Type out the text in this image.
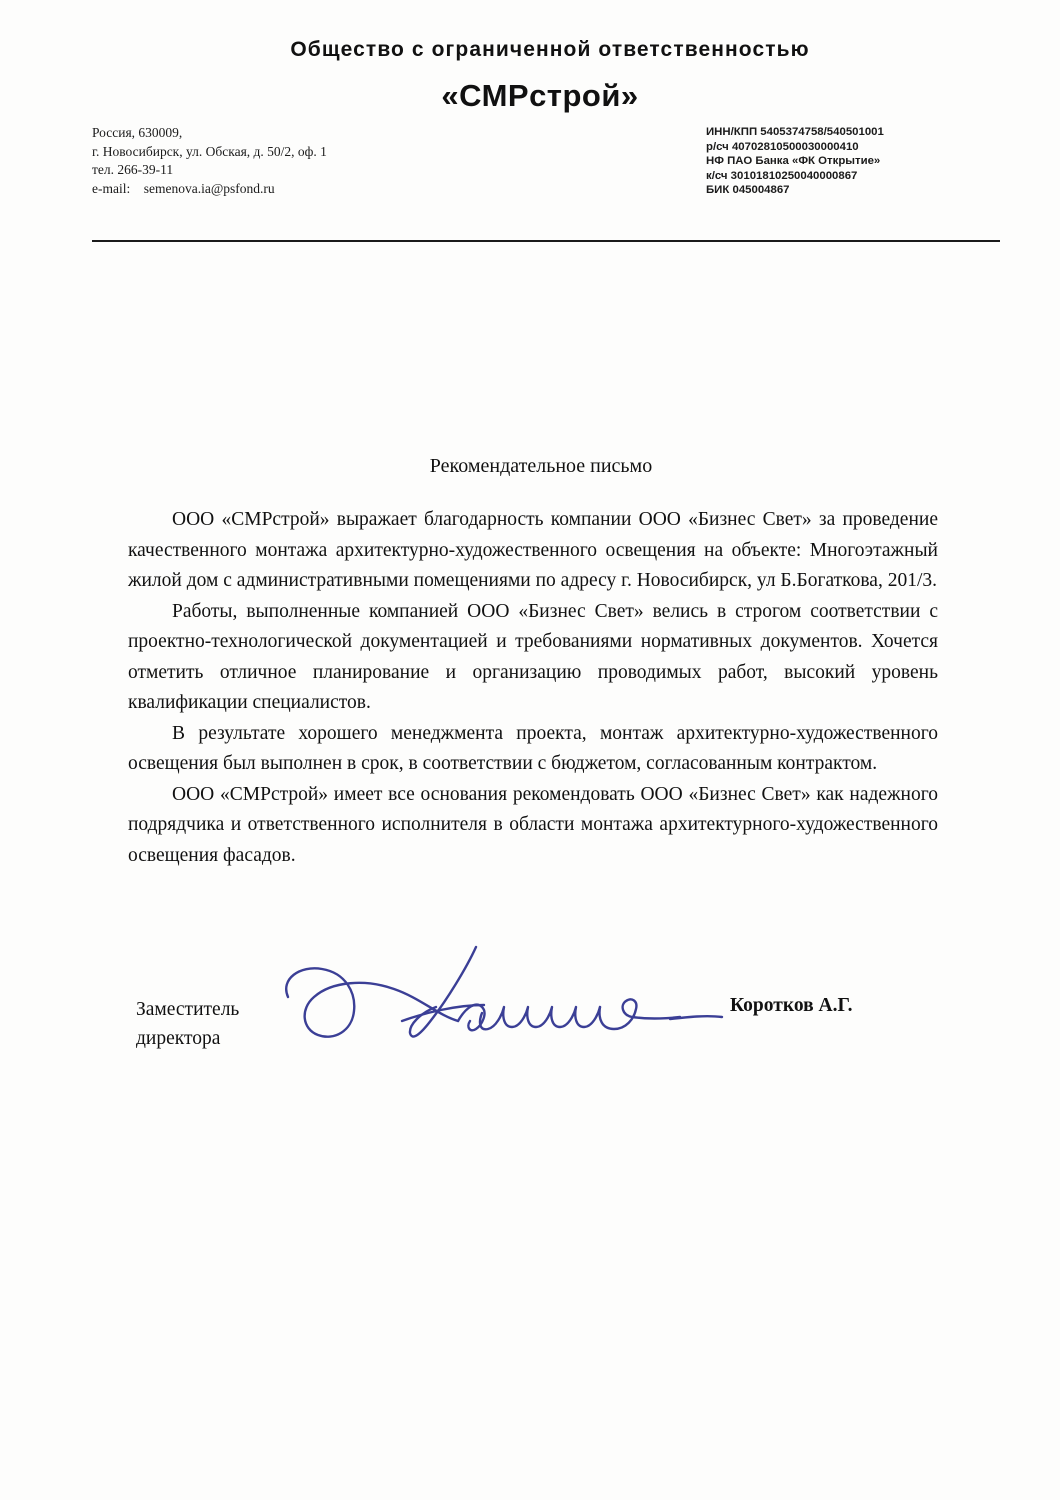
Общество с ограниченной ответственностью
«СМРстрой»
Россия, 630009,
г. Новосибирск, ул. Обская, д. 50/2, оф. 1
тел. 266-39-11
e-mail:    semenova.ia@psfond.ru
ИНН/КПП 5405374758/540501001
р/сч 40702810500030000410
НФ ПАО Банка «ФК Открытие»
к/сч 30101810250040000867
БИК 045004867
Рекомендательное письмо

ООО «СМРстрой» выражает благодарность компании ООО «Бизнес Свет» за проведение качественного монтажа архитектурно-художественного освещения на объекте: Многоэтажный жилой дом с административными помещениями по адресу г. Новосибирск, ул Б.Богаткова, 201/3.

Работы, выполненные компанией ООО «Бизнес Свет» велись в строгом соответствии с проектно-технологической документацией и требованиями нормативных документов. Хочется отметить отличное планирование и организацию проводимых работ, высокий уровень квалификации специалистов.

В результате хорошего менеджмента проекта, монтаж архитектурно-художественного освещения был выполнен в срок, в соответствии с бюджетом, согласованным контрактом.

ООО «СМРстрой» имеет все основания рекомендовать ООО «Бизнес Свет» как надежного подрядчика и ответственного исполнителя в области монтажа архитектурного-художественного освещения фасадов.

Заместитель
директора
Коротков А.Г.
